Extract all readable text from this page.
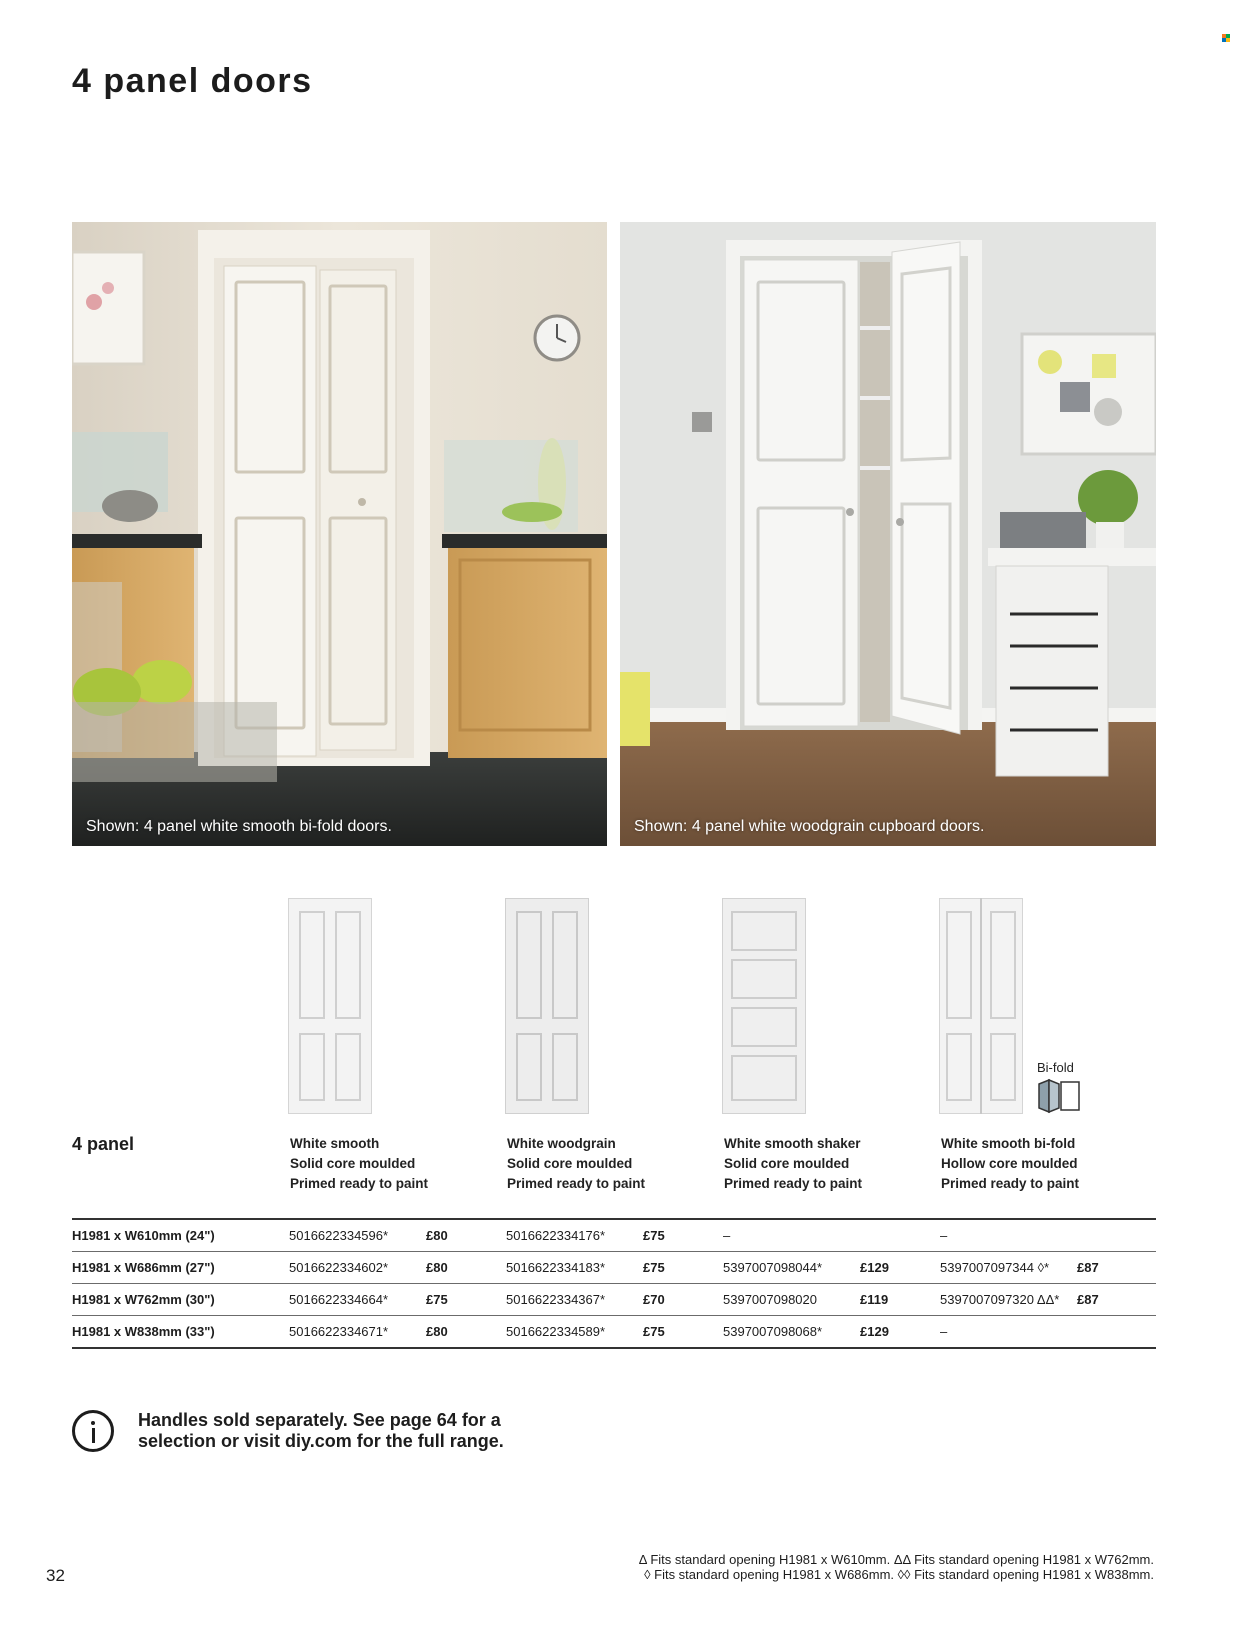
4 panel doors
Shown: 4 panel white smooth bi-fold doors.	Shown: 4 panel white woodgrain cupboard doors.
Bi-fold
4 panel	White smooth
Solid core moulded
Primed ready to paint
White woodgrain
Solid core moulded
Primed ready to paint
White smooth shaker
Solid core moulded
Primed ready to paint
White smooth bi-fold
Hollow core moulded
Primed ready to paint
H1981 x W610mm (24")	5016622334596*	£80	5016622334176*	£75	–		–	
H1981 x W686mm (27")	5016622334602*	£80	5016622334183*	£75	5397007098044*	£129	5397007097344 ◊*	£87
H1981 x W762mm (30")	5016622334664*	£75	5016622334367*	£70	5397007098020	£119	5397007097320 ΔΔ*	£87
H1981 x W838mm (33")	5016622334671*	£80	5016622334589*	£75	5397007098068*	£129	–	
Handles sold separately. See page 64 for a
selection or visit diy.com for the full range.
32
Δ Fits standard opening H1981 x W610mm. ΔΔ Fits standard opening H1981 x W762mm.
◊ Fits standard opening H1981 x W686mm. ◊◊ Fits standard opening H1981 x W838mm.
